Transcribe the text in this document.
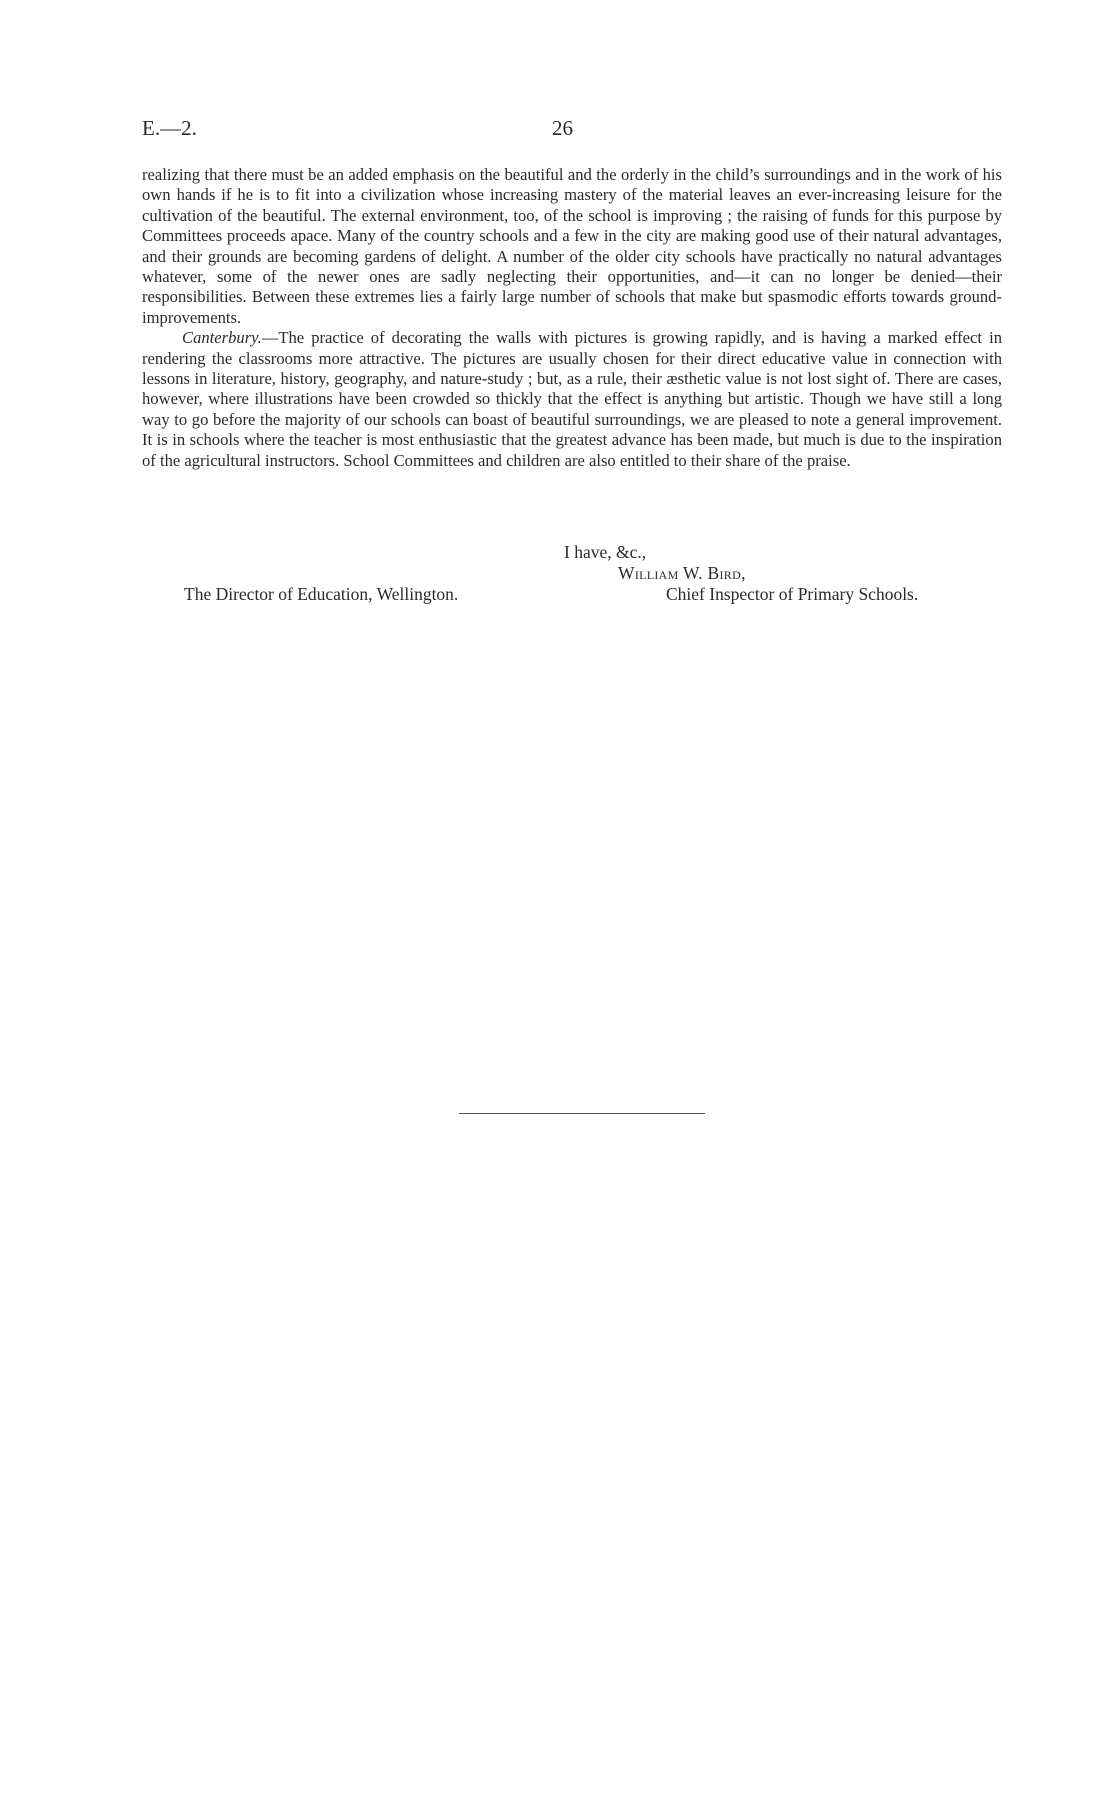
E.—2.	26

realizing that there must be an added emphasis on the beautiful and the orderly in the child’s surroundings and in the work of his own hands if he is to fit into a civilization whose increasing mastery of the material leaves an ever-increasing leisure for the cultivation of the beautiful. The external environment, too, of the school is improving ; the raising of funds for this purpose by Committees proceeds apace. Many of the country schools and a few in the city are making good use of their natural advantages, and their grounds are becoming gardens of delight. A number of the older city schools have practically no natural advantages whatever, some of the newer ones are sadly neglecting their opportunities, and—it can no longer be denied—their responsibilities. Between these extremes lies a fairly large number of schools that make but spasmodic efforts towards ground-improvements.

Canterbury.—The practice of decorating the walls with pictures is growing rapidly, and is having a marked effect in rendering the classrooms more attractive. The pictures are usually chosen for their direct educative value in connection with lessons in literature, history, geography, and nature-study ; but, as a rule, their æsthetic value is not lost sight of. There are cases, however, where illustrations have been crowded so thickly that the effect is anything but artistic. Though we have still a long way to go before the majority of our schools can boast of beautiful surroundings, we are pleased to note a general improvement. It is in schools where the teacher is most enthusiastic that the greatest advance has been made, but much is due to the inspiration of the agricultural instructors. School Committees and children are also entitled to their share of the praise.

I have, &c.,
William W. Bird,
The Director of Education, Wellington.	Chief Inspector of Primary Schools.
